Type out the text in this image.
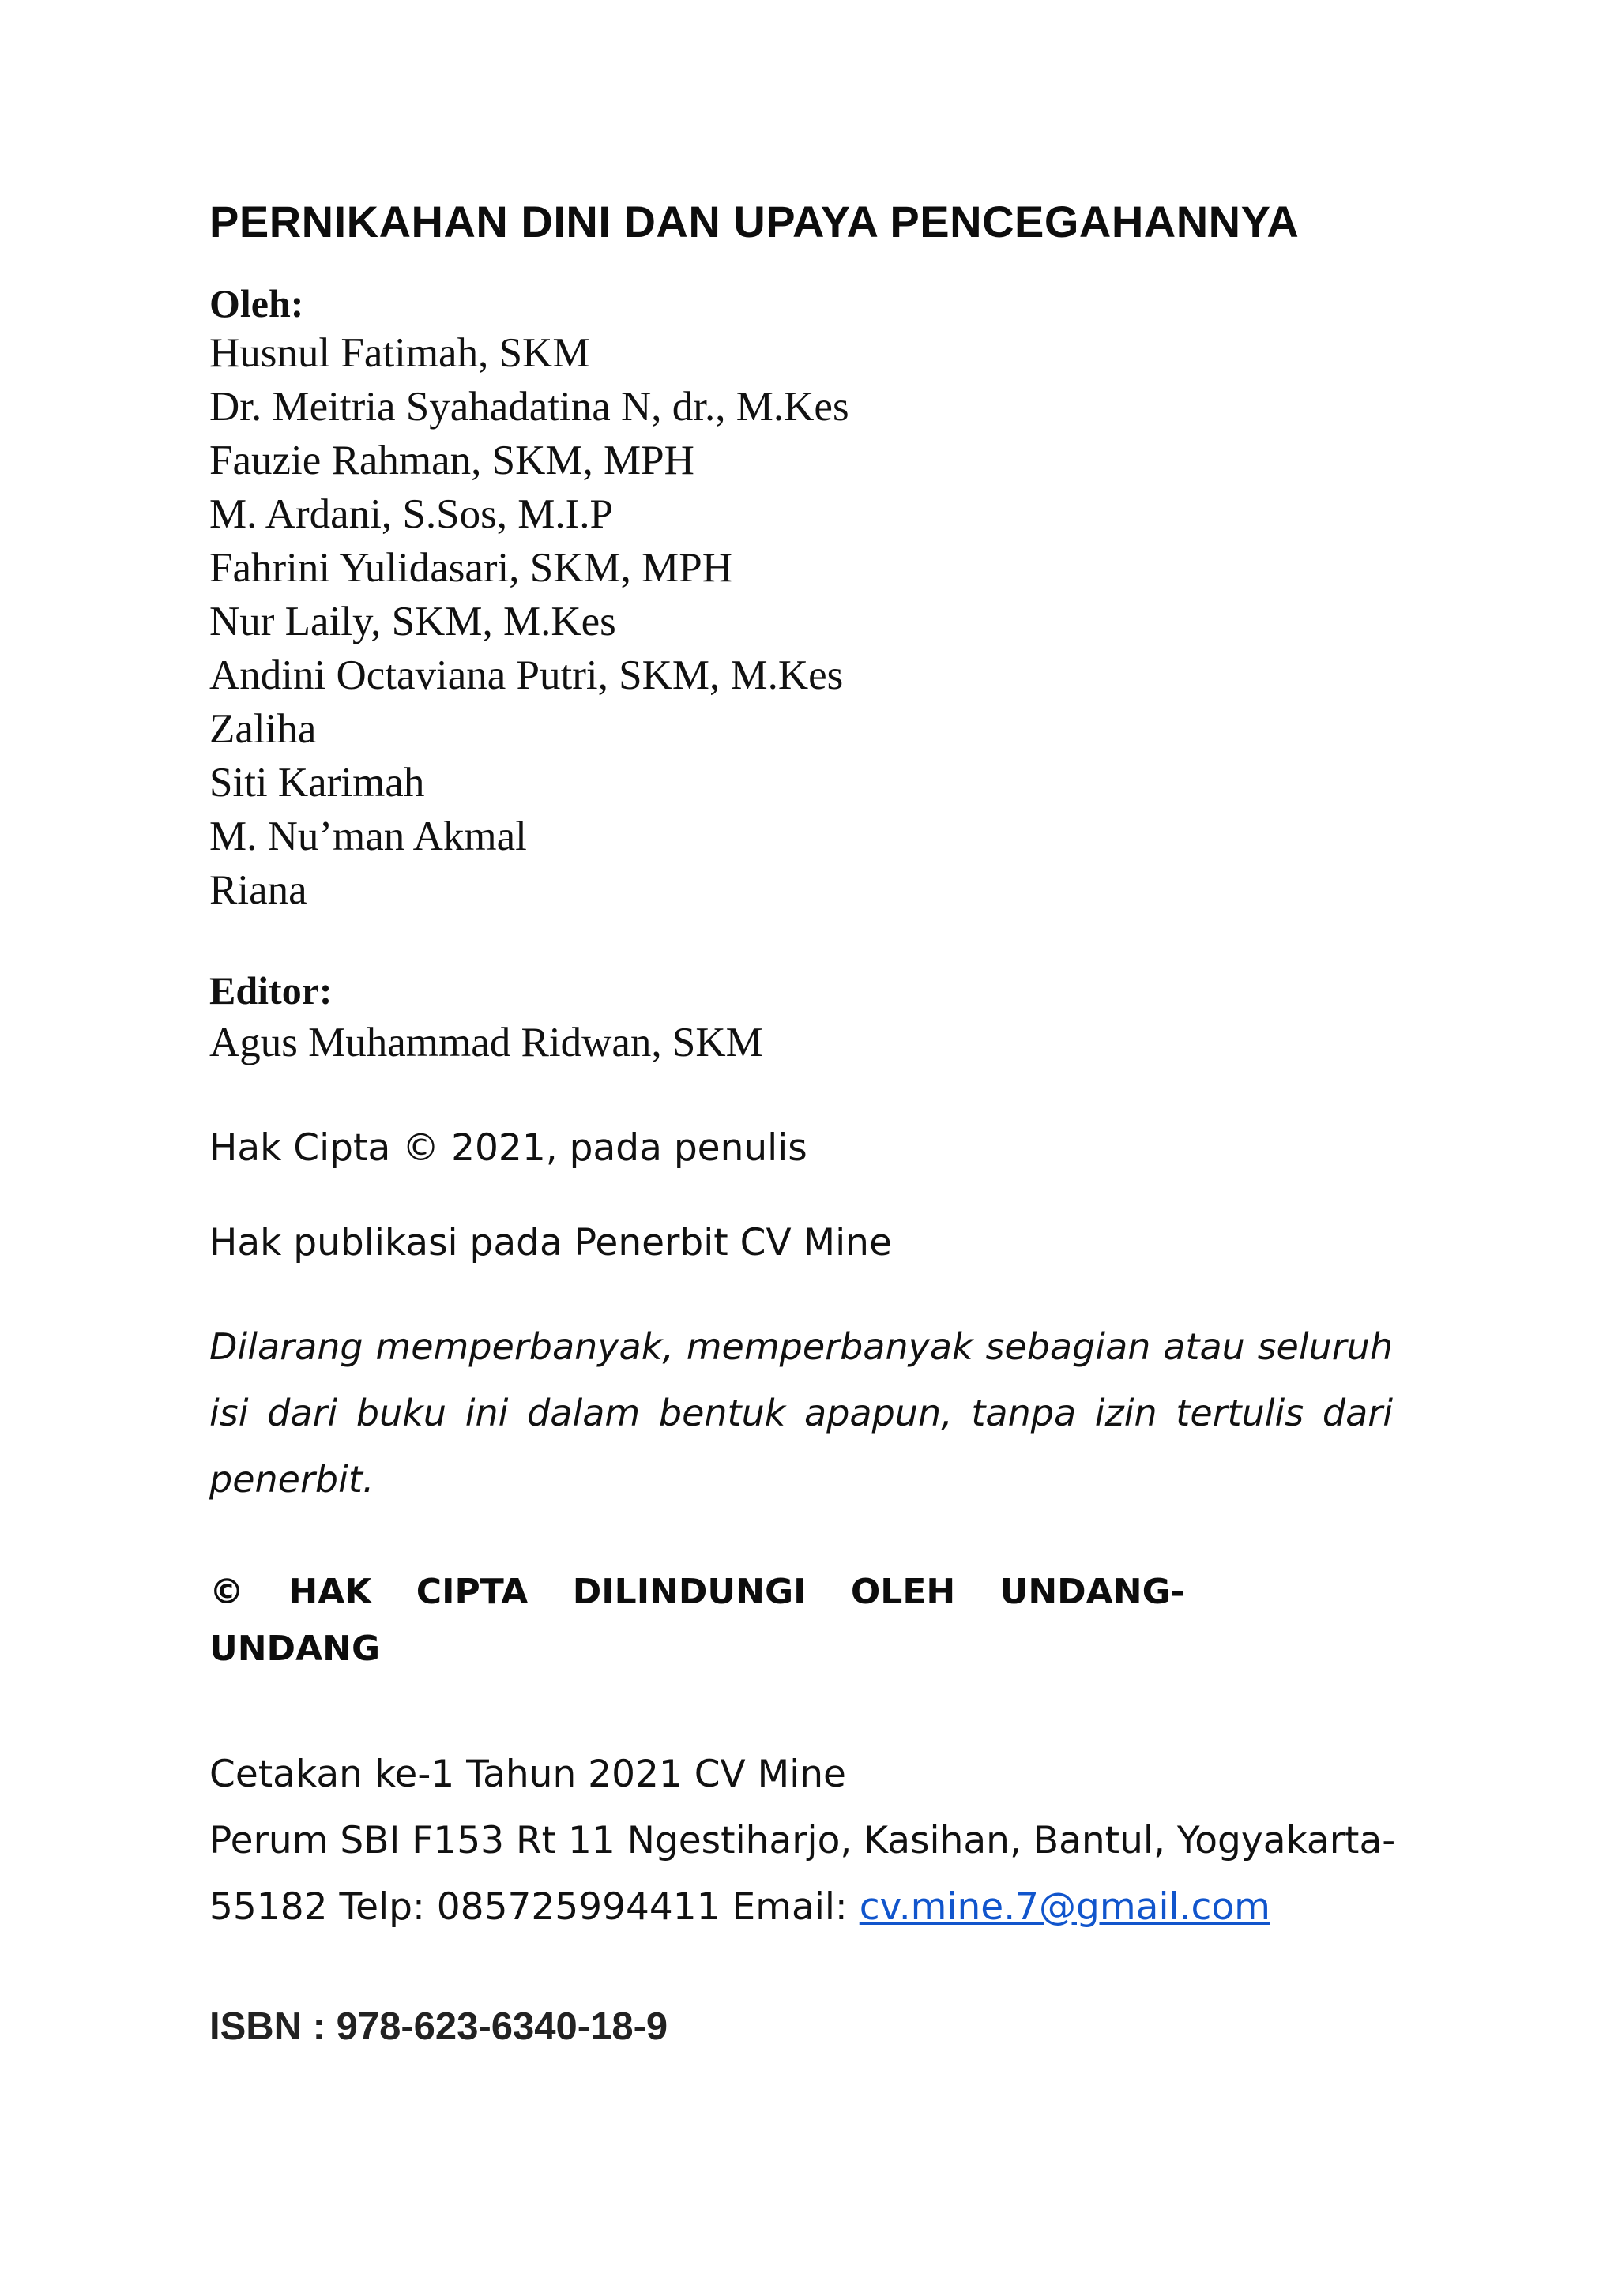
PERNIKAHAN DINI DAN UPAYA PENCEGAHANNYA
Oleh:
Husnul Fatimah, SKM
Dr. Meitria Syahadatina N, dr., M.Kes
Fauzie Rahman, SKM, MPH
M. Ardani, S.Sos, M.I.P
Fahrini Yulidasari, SKM, MPH
Nur Laily, SKM, M.Kes
Andini Octaviana Putri, SKM, M.Kes
Zaliha
Siti Karimah
M. Nu’man Akmal
Riana
Editor:
Agus Muhammad Ridwan, SKM
Hak Cipta © 2021, pada penulis
Hak publikasi pada Penerbit CV Mine
Dilarang memperbanyak, memperbanyak sebagian atau seluruh isi dari buku ini dalam bentuk apapun, tanpa izin tertulis dari penerbit.
© HAK CIPTA DILINDUNGI OLEH UNDANG-
UNDANG
Cetakan ke-1 Tahun 2021 CV Mine
Perum SBI F153 Rt 11 Ngestiharjo, Kasihan, Bantul, Yogyakarta-
55182 Telp: 085725994411 Email: cv.mine.7@gmail.com
ISBN : 978-623-6340-18-9
